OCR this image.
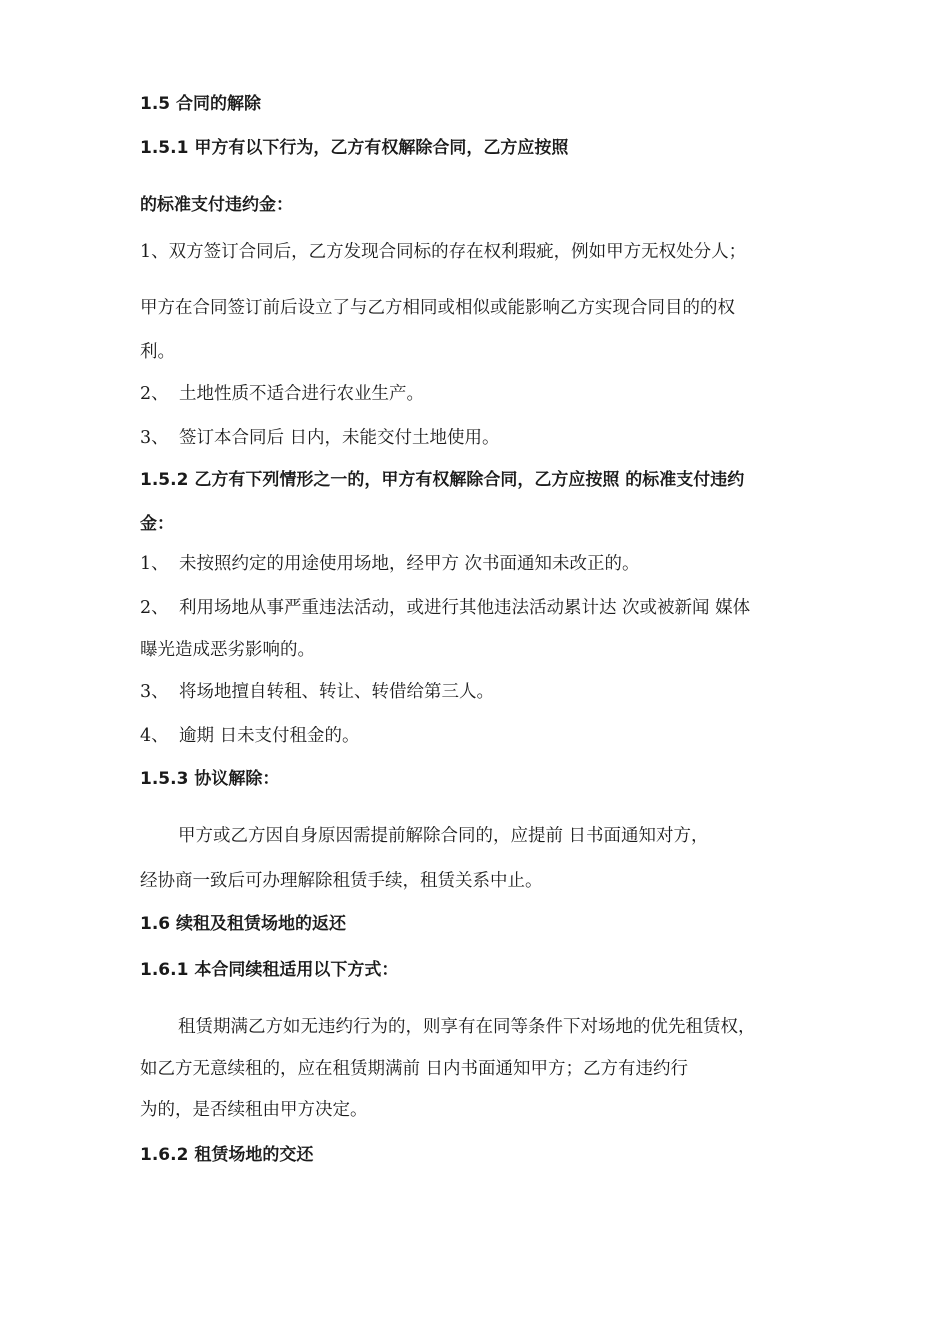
1.5 合同的解除
1.5.1 甲方有以下行为，乙方有权解除合同，乙方应按照
的标准支付违约金：
1、双方签订合同后，乙方发现合同标的存在权利瑕疵，例如甲方无权处分人；
甲方在合同签订前后设立了与乙方相同或相似或能影响乙方实现合同目的的权
利。
2、 土地性质不适合进行农业生产。
3、 签订本合同后 日内，未能交付土地使用。
1.5.2 乙方有下列情形之一的，甲方有权解除合同，乙方应按照 的标准支付违约
金：
1、 未按照约定的用途使用场地，经甲方 次书面通知未改正的。
2、 利用场地从事严重违法活动，或进行其他违法活动累计达 次或被新闻 媒体
曝光造成恶劣影响的。
3、 将场地擅自转租、转让、转借给第三人。
4、 逾期 日未支付租金的。
1.5.3 协议解除：
甲方或乙方因自身原因需提前解除合同的，应提前 日书面通知对方，
经协商一致后可办理解除租赁手续，租赁关系中止。
1.6 续租及租赁场地的返还
1.6.1 本合同续租适用以下方式：
租赁期满乙方如无违约行为的，则享有在同等条件下对场地的优先租赁权，
如乙方无意续租的，应在租赁期满前 日内书面通知甲方；乙方有违约行
为的，是否续租由甲方决定。
1.6.2 租赁场地的交还
